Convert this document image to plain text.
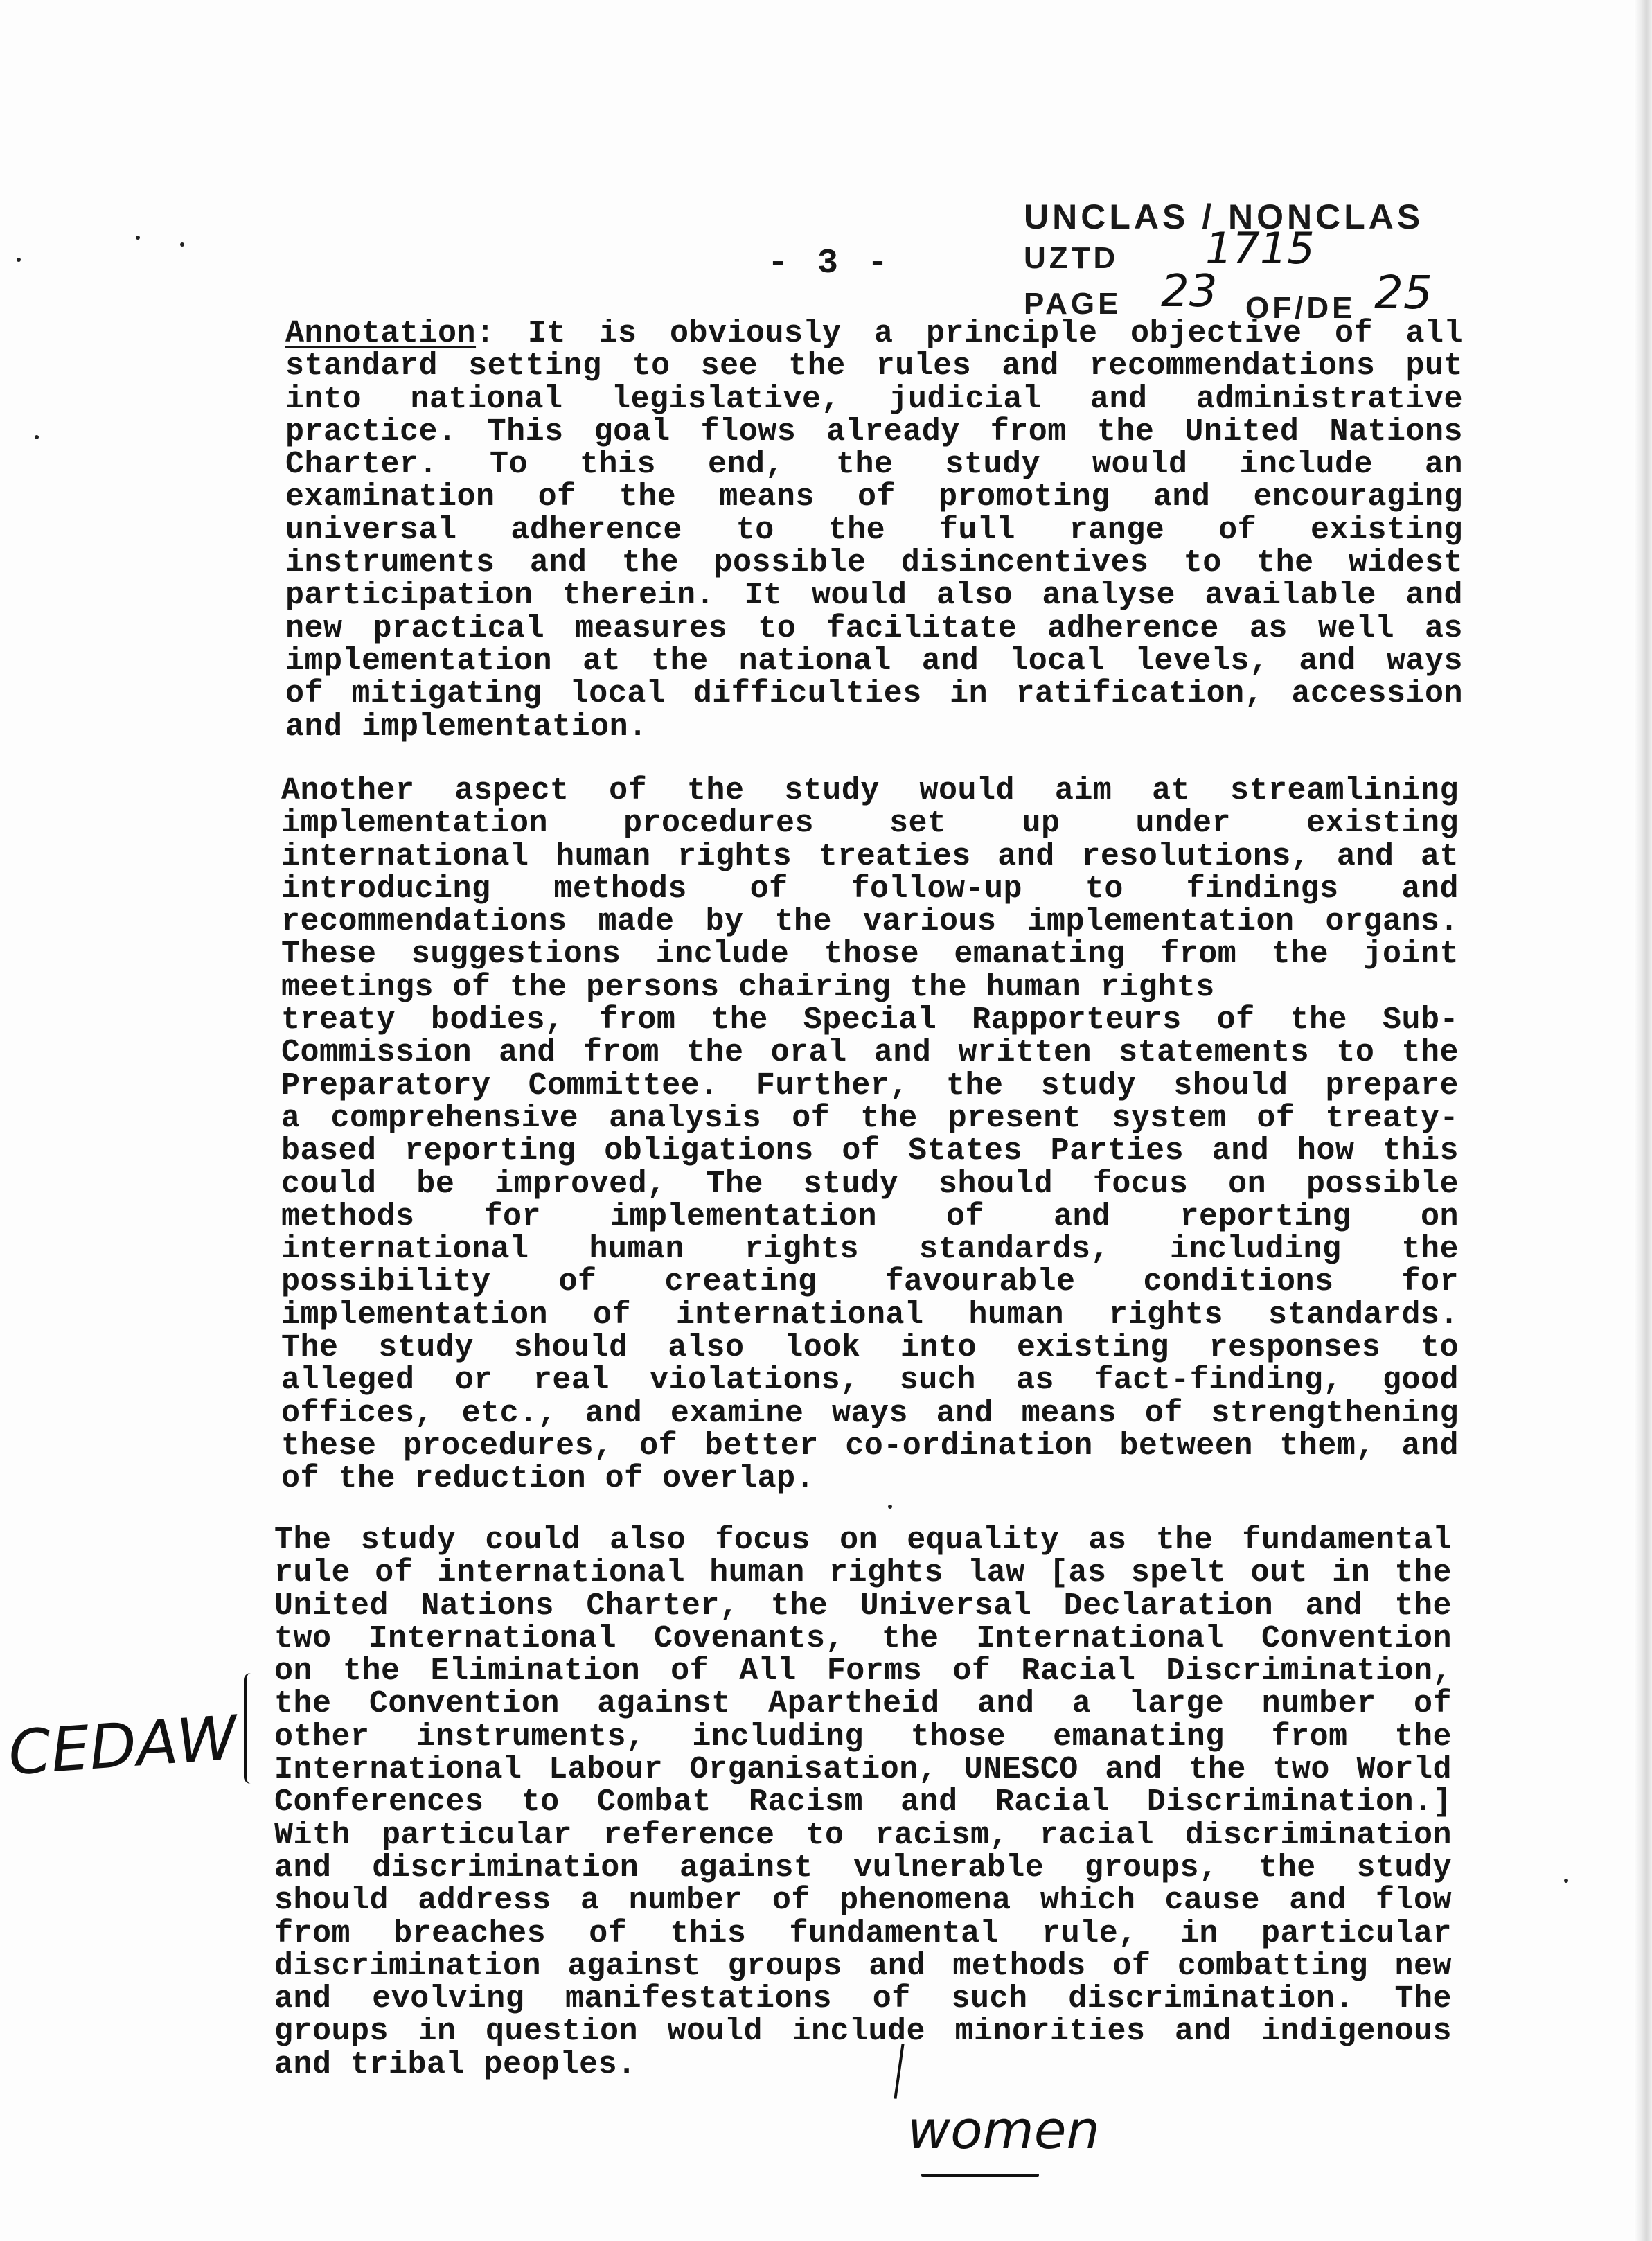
UNCLAS / NONCLAS
UZTD 1715
PAGE 23 OF/DE 25
- 3 -
Annotation: It is obviously a principle objective of all
standard setting to see the rules and recommendations put
into national legislative, judicial and administrative
practice. This goal flows already from the United Nations
Charter. To this end, the study would include an
examination of the means of promoting and encouraging
universal adherence to the full range of existing
instruments and the possible disincentives to the widest
participation therein. It would also analyse available and
new practical measures to facilitate adherence as well as
implementation at the national and local levels, and ways
of mitigating local difficulties in ratification, accession
and implementation.
Another aspect of the study would aim at streamlining
implementation procedures set up under existing
international human rights treaties and resolutions, and at
introducing methods of follow-up to findings and
recommendations made by the various implementation organs.
These suggestions include those emanating from the joint
meetings of the persons chairing the human rights
treaty bodies, from the Special Rapporteurs of the Sub-
Commission and from the oral and written statements to the
Preparatory Committee. Further, the study should prepare
a comprehensive analysis of the present system of treaty-
based reporting obligations of States Parties and how this
could be improved, The study should focus on possible
methods for implementation of and reporting on
international human rights standards, including the
possibility of creating favourable conditions for
implementation of international human rights standards.
The study should also look into existing responses to
alleged or real violations, such as fact-finding, good
offices, etc., and examine ways and means of strengthening
these procedures, of better co-ordination between them, and
of the reduction of overlap.
The study could also focus on equality as the fundamental
rule of international human rights law [as spelt out in the
United Nations Charter, the Universal Declaration and the
two International Covenants, the International Convention
on the Elimination of All Forms of Racial Discrimination,
the Convention against Apartheid and a large number of
other instruments, including those emanating from the
International Labour Organisation, UNESCO and the two World
Conferences to Combat Racism and Racial Discrimination.]
With particular reference to racism, racial discrimination
and discrimination against vulnerable groups, the study
should address a number of phenomena which cause and flow
from breaches of this fundamental rule, in particular
discrimination against groups and methods of combatting new
and evolving manifestations of such discrimination. The
groups in question would include minorities and indigenous
and tribal peoples.
CEDAW
women
